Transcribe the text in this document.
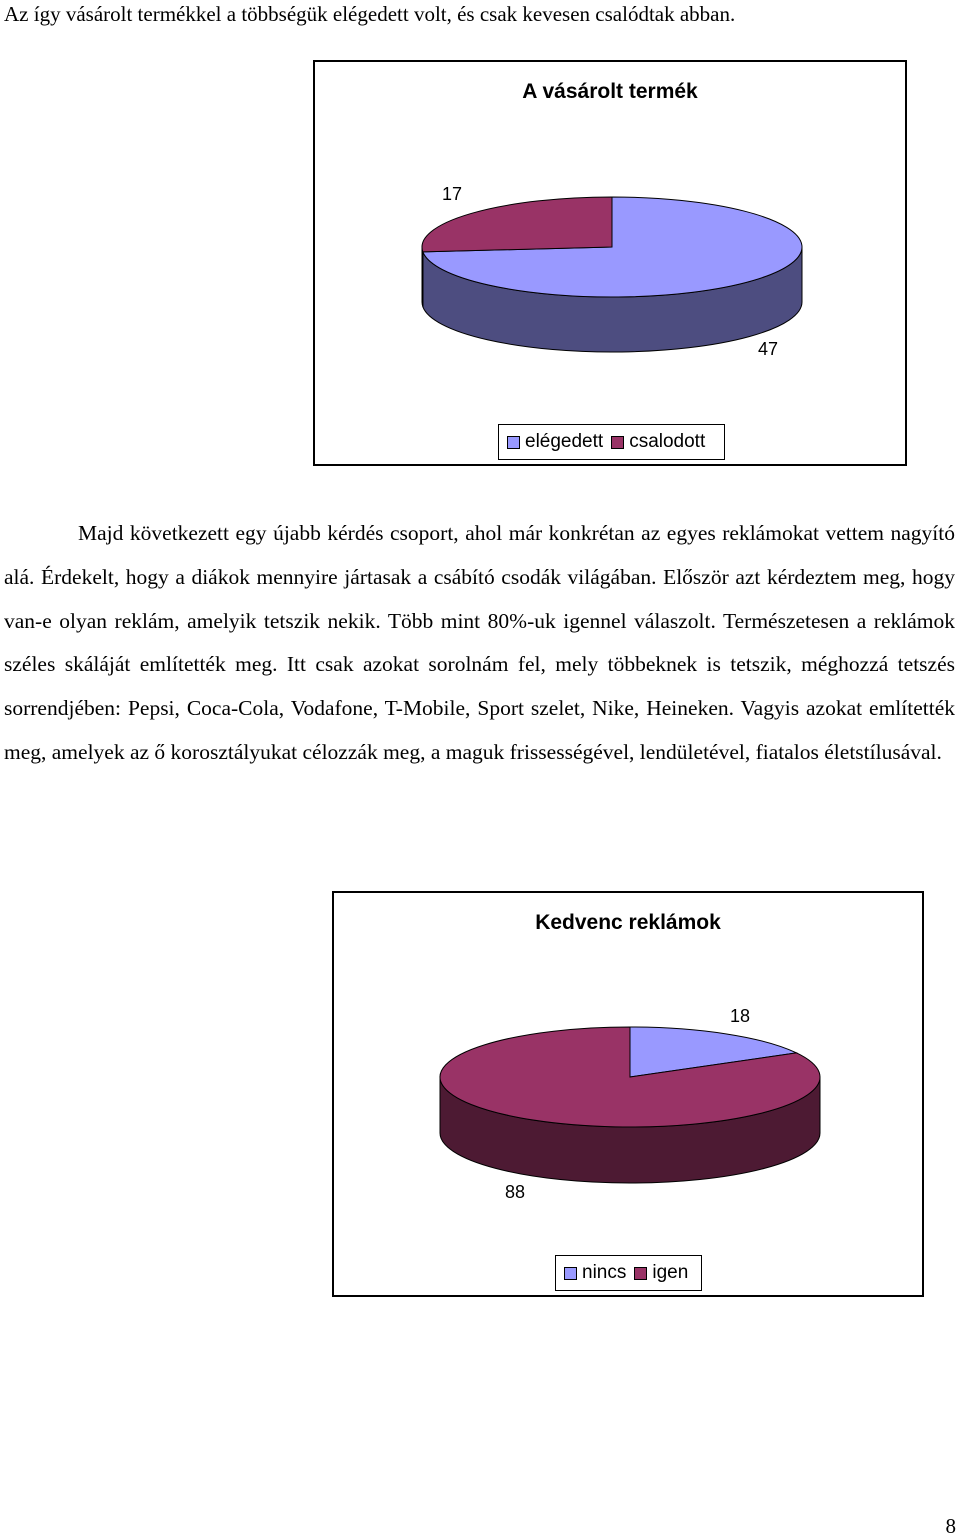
Az így vásárolt termékkel a többségük elégedett volt, és csak kevesen csalódtak abban.
A vásárolt termék
17
47
elégedett csalodott
Majd következett egy újabb kérdés csoport, ahol már konkrétan az egyes reklámokat vettem nagyító alá. Érdekelt, hogy a diákok mennyire jártasak a csábító csodák világában. Először azt kérdeztem meg, hogy van-e olyan reklám, amelyik tetszik nekik. Több mint 80%-uk igennel válaszolt. Természetesen a reklámok széles skáláját említették meg. Itt csak azokat sorolnám fel, mely többeknek is tetszik, méghozzá tetszés sorrendjében: Pepsi, Coca-Cola, Vodafone, T-Mobile, Sport szelet, Nike, Heineken. Vagyis azokat említették meg, amelyek az ő korosztályukat célozzák meg, a maguk frissességével, lendületével, fiatalos életstílusával.
Kedvenc reklámok
18
88
nincs igen
8
